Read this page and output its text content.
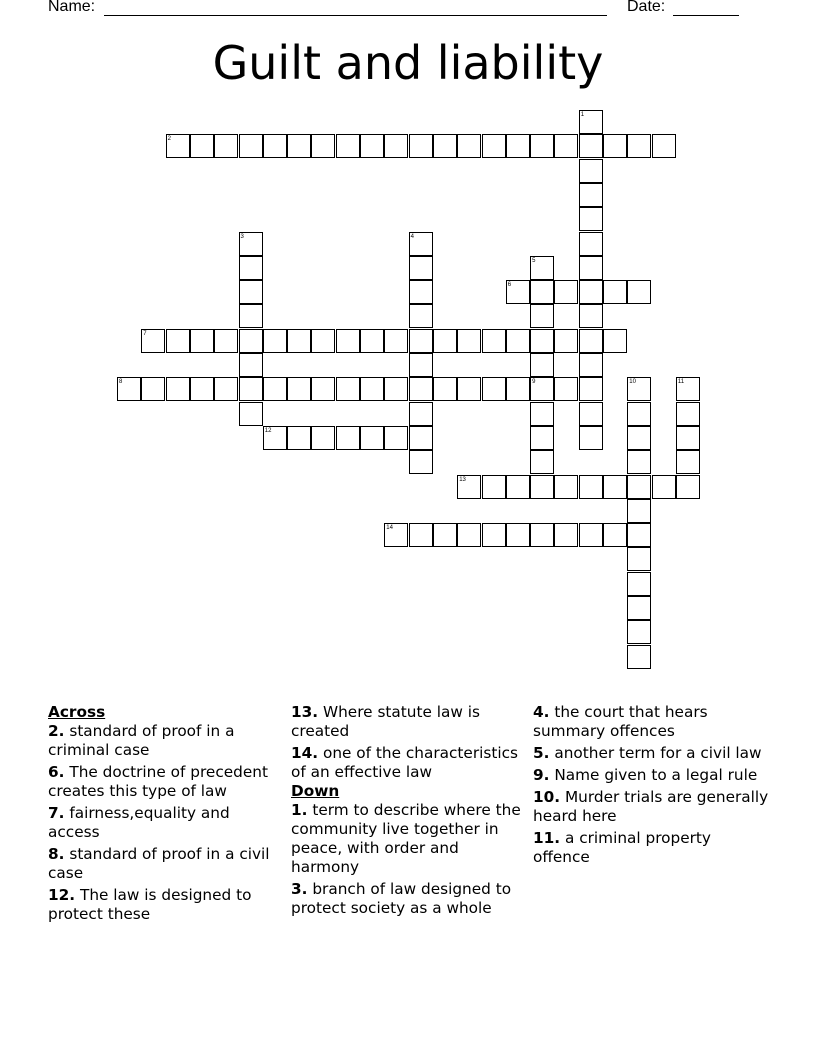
Name:	Date:
Guilt and liability
1
2
3	4
5
6
7
8	9	10	11
12
13
14

Across

2. standard of proof in a criminal case

6. The doctrine of precedent creates this type of law

7. fairness,equality and access

8. standard of proof in a civil case

12. The law is designed to protect these

13. Where statute law is created

14. one of the characteristics of an effective law

Down

1. term to describe where the community live together in peace, with order and harmony

3. branch of law designed to protect society as a whole

4. the court that hears summary offences

5. another term for a civil law

9. Name given to a legal rule

10. Murder trials are generally heard here

11. a criminal property offence
